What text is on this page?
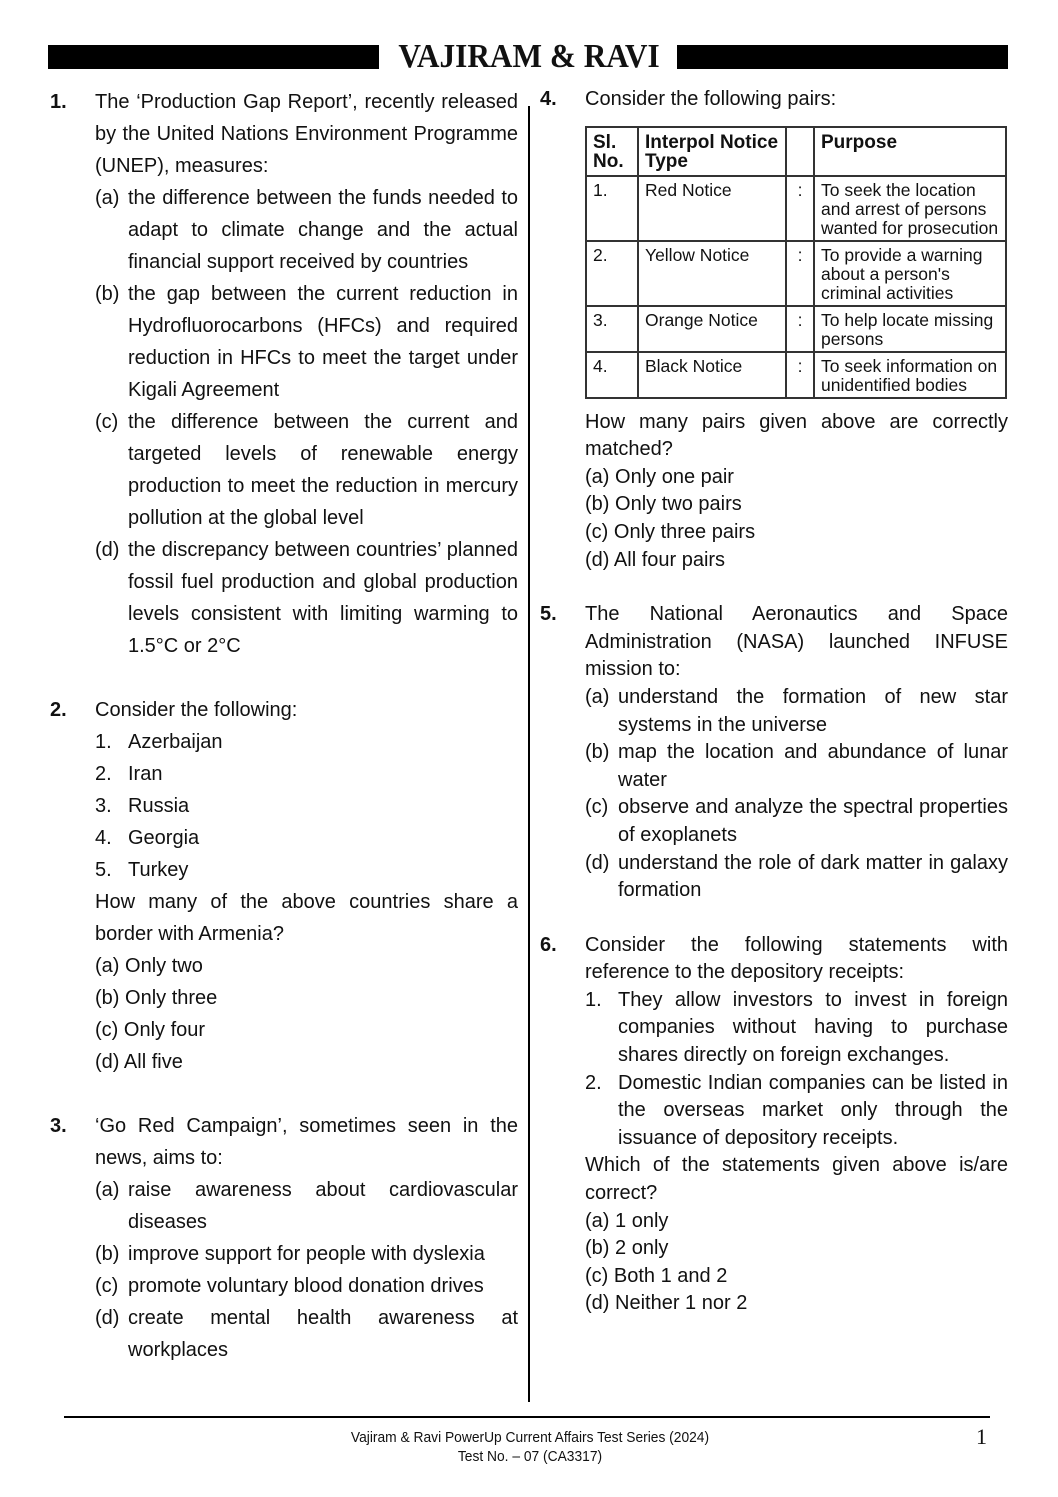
VAJIRAM & RAVI
1. The ‘Production Gap Report’, recently released by the United Nations Environment Programme (UNEP), measures:
(a) the difference between the funds needed to adapt to climate change and the actual financial support received by countries
(b) the gap between the current reduction in Hydrofluorocarbons (HFCs) and required reduction in HFCs to meet the target under Kigali Agreement
(c) the difference between the current and targeted levels of renewable energy production to meet the reduction in mercury pollution at the global level
(d) the discrepancy between countries’ planned fossil fuel production and global production levels consistent with limiting warming to 1.5°C or 2°C
2. Consider the following:
1. Azerbaijan
2. Iran
3. Russia
4. Georgia
5. Turkey
How many of the above countries share a border with Armenia?
(a) Only two
(b) Only three
(c) Only four
(d) All five
3. ‘Go Red Campaign’, sometimes seen in the news, aims to:
(a) raise awareness about cardiovascular diseases
(b) improve support for people with dyslexia
(c) promote voluntary blood donation drives
(d) create mental health awareness at workplaces
4. Consider the following pairs:
Sl. No.	Interpol Notice Type		Purpose
1.	Red Notice	:	To seek the location and arrest of persons wanted for prosecution
2.	Yellow Notice	:	To provide a warning about a person's criminal activities
3.	Orange Notice	:	To help locate missing persons
4.	Black Notice	:	To seek information on unidentified bodies
How many pairs given above are correctly matched?
(a) Only one pair
(b) Only two pairs
(c) Only three pairs
(d) All four pairs
5. The National Aeronautics and Space Administration (NASA) launched INFUSE mission to:
(a) understand the formation of new star systems in the universe
(b) map the location and abundance of lunar water
(c) observe and analyze the spectral properties of exoplanets
(d) understand the role of dark matter in galaxy formation
6. Consider the following statements with reference to the depository receipts:
1. They allow investors to invest in foreign companies without having to purchase shares directly on foreign exchanges.
2. Domestic Indian companies can be listed in the overseas market only through the issuance of depository receipts.
Which of the statements given above is/are correct?
(a) 1 only
(b) 2 only
(c) Both 1 and 2
(d) Neither 1 nor 2
Vajiram & Ravi PowerUp Current Affairs Test Series (2024)
Test No. – 07 (CA3317)
1
